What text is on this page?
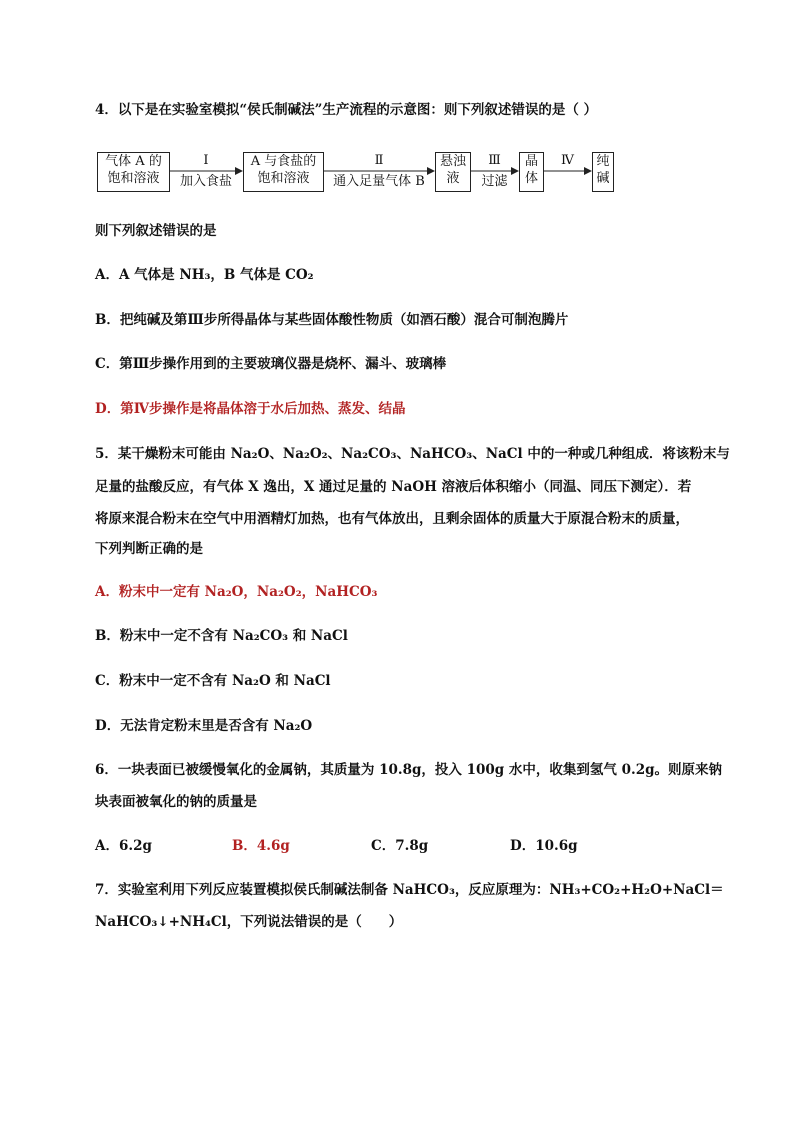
4．以下是在实验室模拟“侯氏制碱法”生产流程的示意图：则下列叙述错误的是（ ）
气体 A 的
饱和溶液
A 与食盐的
饱和溶液
悬浊
液
晶
体
纯
碱
Ⅰ
加入食盐
Ⅱ
通入足量气体 B
Ⅲ
过滤
Ⅳ
则下列叙述错误的是
A．A 气体是 NH₃，B 气体是 CO₂
B．把纯碱及第Ⅲ步所得晶体与某些固体酸性物质（如酒石酸）混合可制泡腾片
C．第Ⅲ步操作用到的主要玻璃仪器是烧杯、漏斗、玻璃棒
D．第Ⅳ步操作是将晶体溶于水后加热、蒸发、结晶
5．某干燥粉末可能由 Na₂O、Na₂O₂、Na₂CO₃、NaHCO₃、NaCl 中的一种或几种组成．将该粉末与
足量的盐酸反应，有气体 X 逸出，X 通过足量的 NaOH 溶液后体积缩小（同温、同压下测定）．若
将原来混合粉末在空气中用酒精灯加热，也有气体放出，且剩余固体的质量大于原混合粉末的质量，
下列判断正确的是
A．粉末中一定有 Na₂O，Na₂O₂，NaHCO₃
B．粉末中一定不含有 Na₂CO₃ 和 NaCl
C．粉末中一定不含有 Na₂O 和 NaCl
D．无法肯定粉末里是否含有 Na₂O
6．一块表面已被缓慢氧化的金属钠，其质量为 10.8g，投入 100g 水中，收集到氢气 0.2g。则原来钠
块表面被氧化的钠的质量是
A．6.2g	B．4.6g	C．7.8g	D．10.6g
7．实验室利用下列反应装置模拟侯氏制碱法制备 NaHCO₃，反应原理为：NH₃+CO₂+H₂O+NaCl＝
NaHCO₃↓+NH₄Cl，下列说法错误的是（　　）
